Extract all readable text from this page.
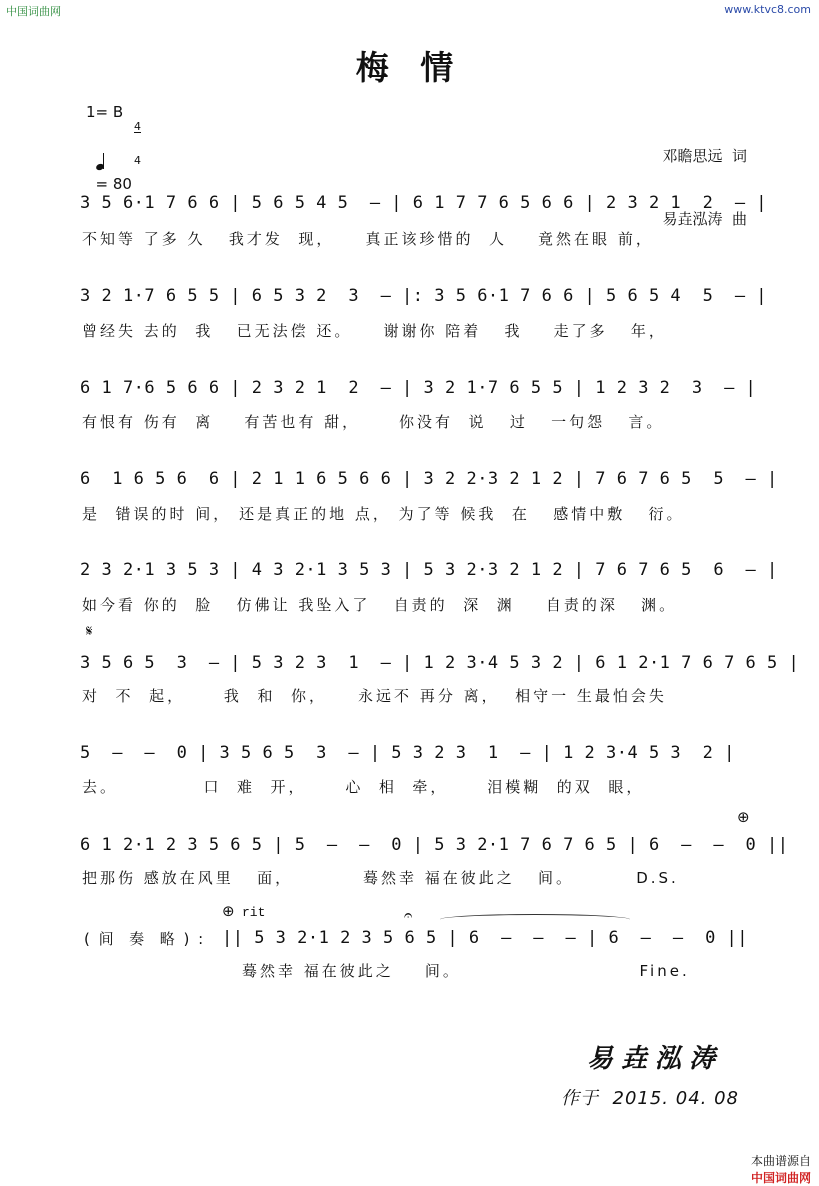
中国词曲网	www.ktvc8.com
梅 情
1= B

4

4

= 80

邓瞻思远  词

易垚泓涛  曲

3 5 6·1 7 6 6 | 5 6 5 4 5  — | 6 1 7 7 6 5 6 6 | 2 3 2 1  2  — |
不知等 了多 久   我才发  现，    真正该珍惜的  人    竟然在眼 前，
3 2 1·7 6 5 5 | 6 5 3 2  3  — |: 3 5 6·1 7 6 6 | 5 6 5 4  5  — |
曾经失 去的  我   已无法偿 还。    谢谢你 陪着   我    走了多   年，
6 1 7·6 5 6 6 | 2 3 2 1  2  — | 3 2 1·7 6 5 5 | 1 2 3 2  3  — |
有恨有 伤有  离    有苦也有 甜，     你没有  说   过   一句怨   言。
6  1 6 5 6  6 | 2 1 1 6 5 6 6 | 3 2 2·3 2 1 2 | 7 6 7 6 5  5  — |
是  错误的时 间， 还是真正的地 点， 为了等 候我  在   感情中敷   衍。
2 3 2·1 3 5 3 | 4 3 2·1 3 5 3 | 5 3 2·3 2 1 2 | 7 6 7 6 5  6  — |
如今看 你的  脸   仿佛让 我坠入了   自责的  深  渊    自责的深   渊。
𝄋
3 5 6 5  3  — | 5 3 2 3  1  — | 1 2 3·4 5 3 2 | 6 1 2·1 7 6 7 6 5 |
对  不  起，     我  和  你，    永远不 再分 离，  相守一 生最怕会失
5  —  —  0 | 3 5 6 5  3  — | 5 3 2 3  1  — | 1 2 3·4 5 3  2 |
去。           口  难  开，     心  相  牵，     泪模糊  的双  眼，
⊕
6 1 2·1 2 3 5 6 5 | 5  —  —  0 | 5 3 2·1 7 6 7 6 5 | 6  —  —  0 ||
把那伤 感放在风里   面，         蓦然幸 福在彼此之   间。        D.S.
⊕ rit	𝄐
( 间  奏  略 ) : || 5 3 2·1 2 3 5 6 5 | 6  —  —  — | 6  —  —  0 ||
蓦然幸 福在彼此之    间。                       Fine.
易垚泓涛
作于  2015. 04. 08

本曲谱源自
中国词曲网
